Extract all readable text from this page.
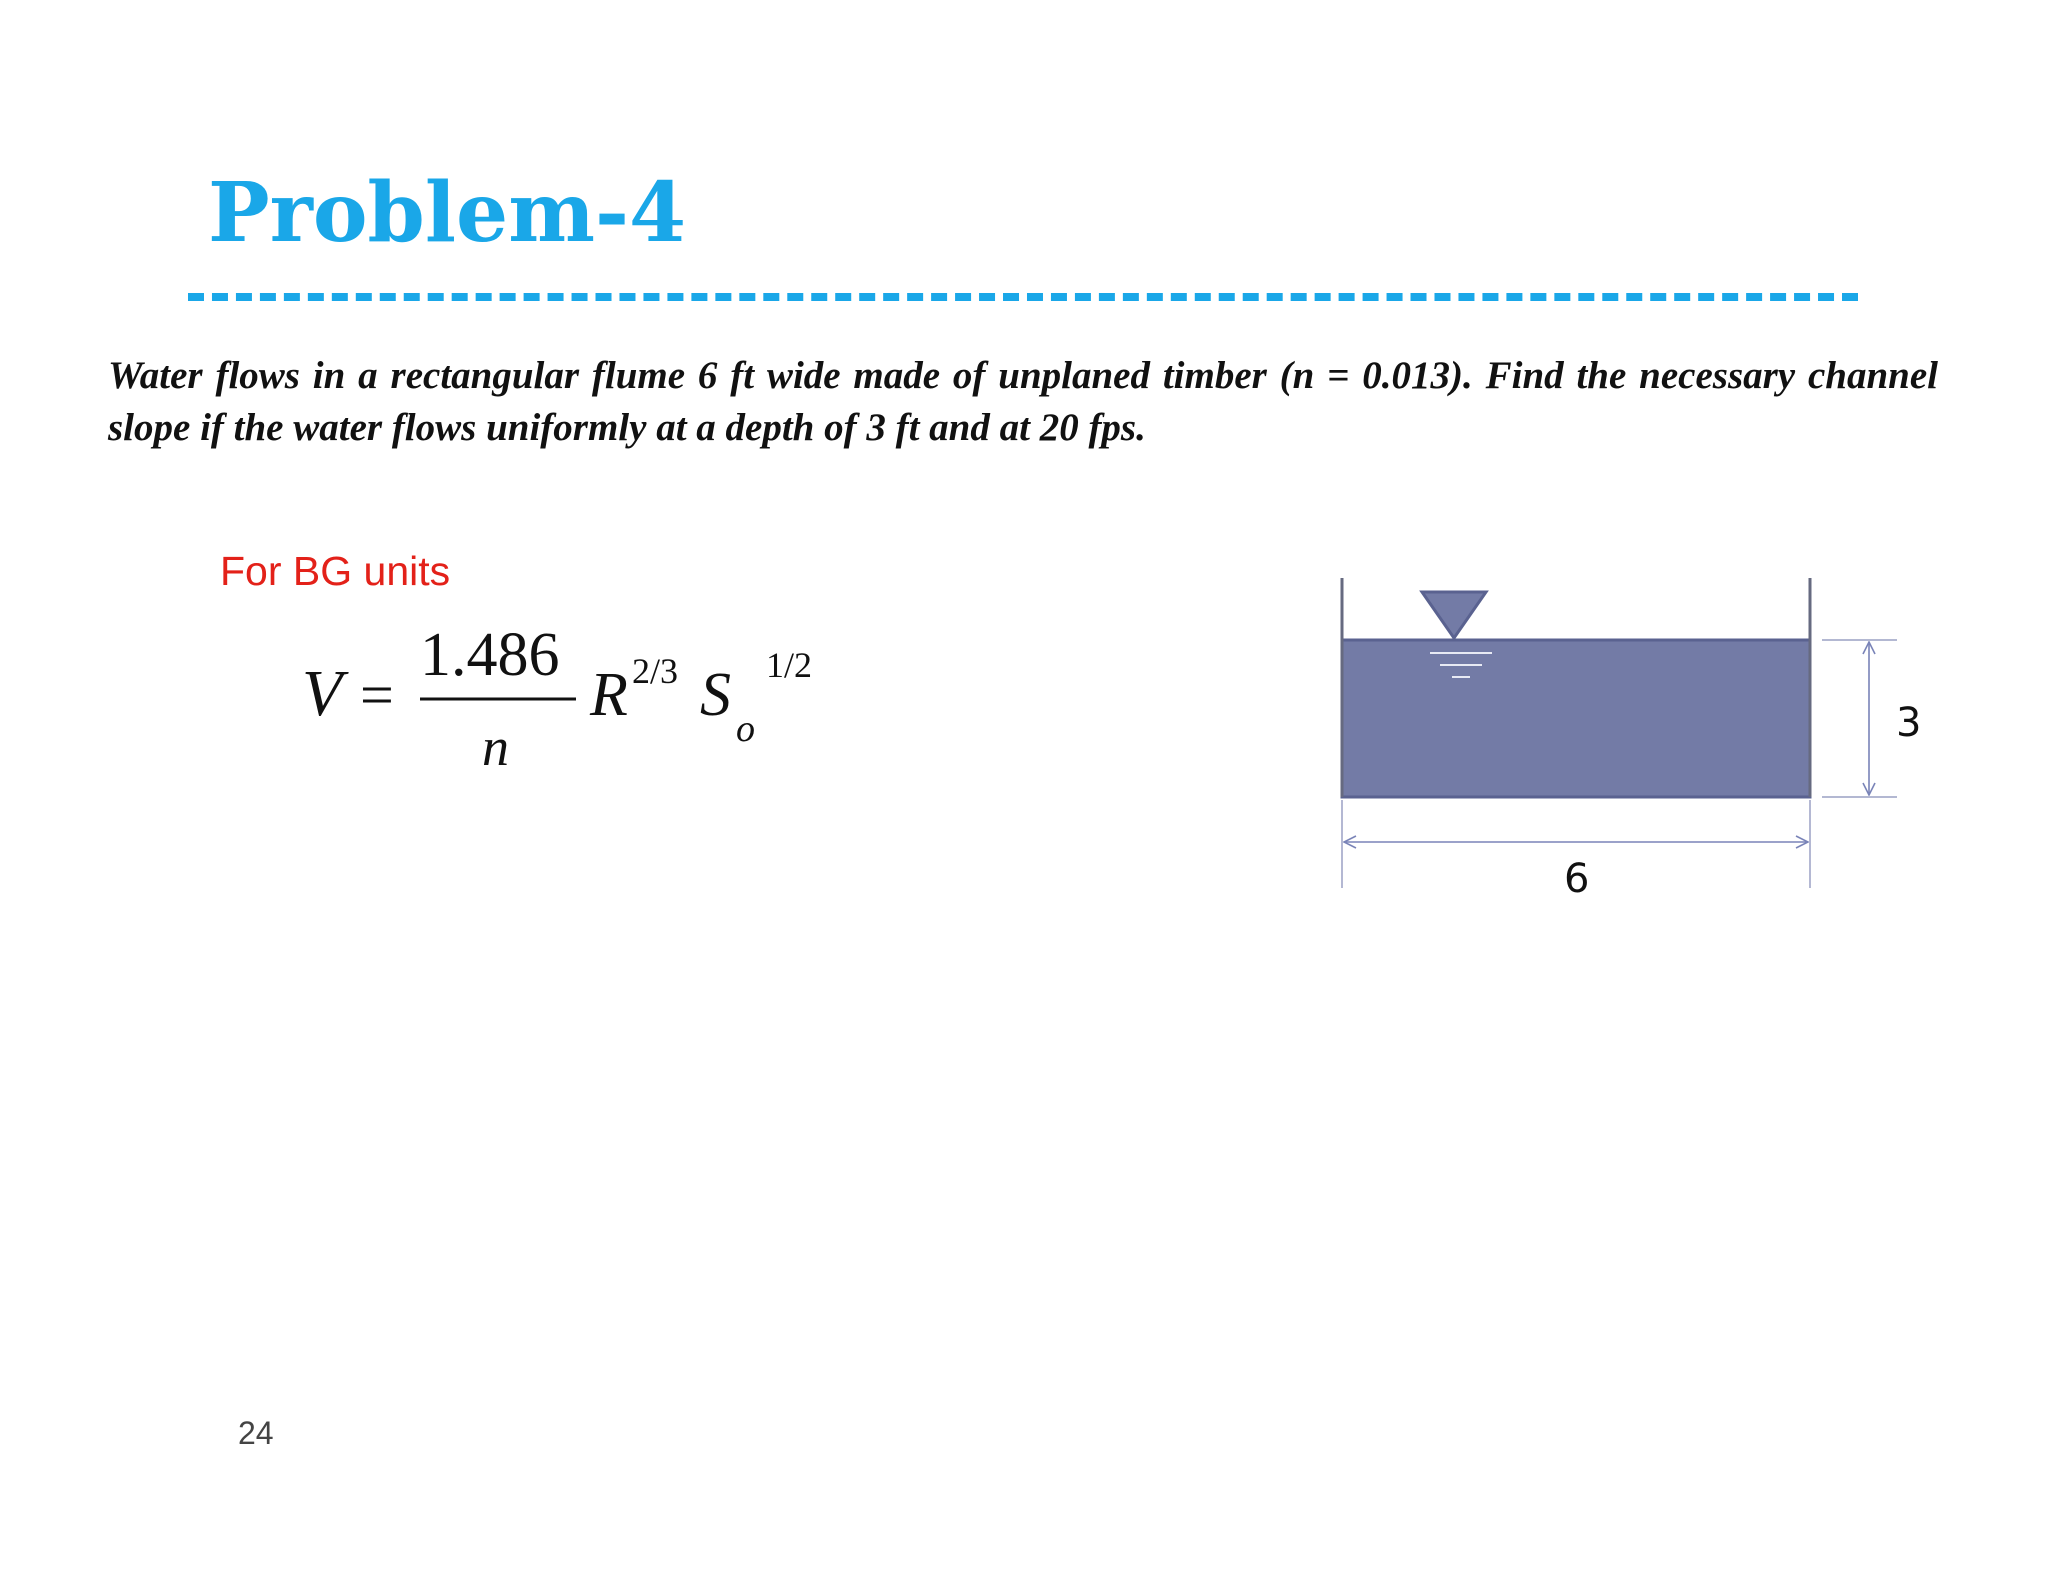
Problem-4

Water flows in a rectangular flume 6 ft wide made of unplaned timber (n = 0.013). Find the necessary channel slope if the water flows uniformly at a depth of 3 ft and at 20 fps.

For BG units
V =
1.486
n
R 2/3 S o
1/2
3
6
24
